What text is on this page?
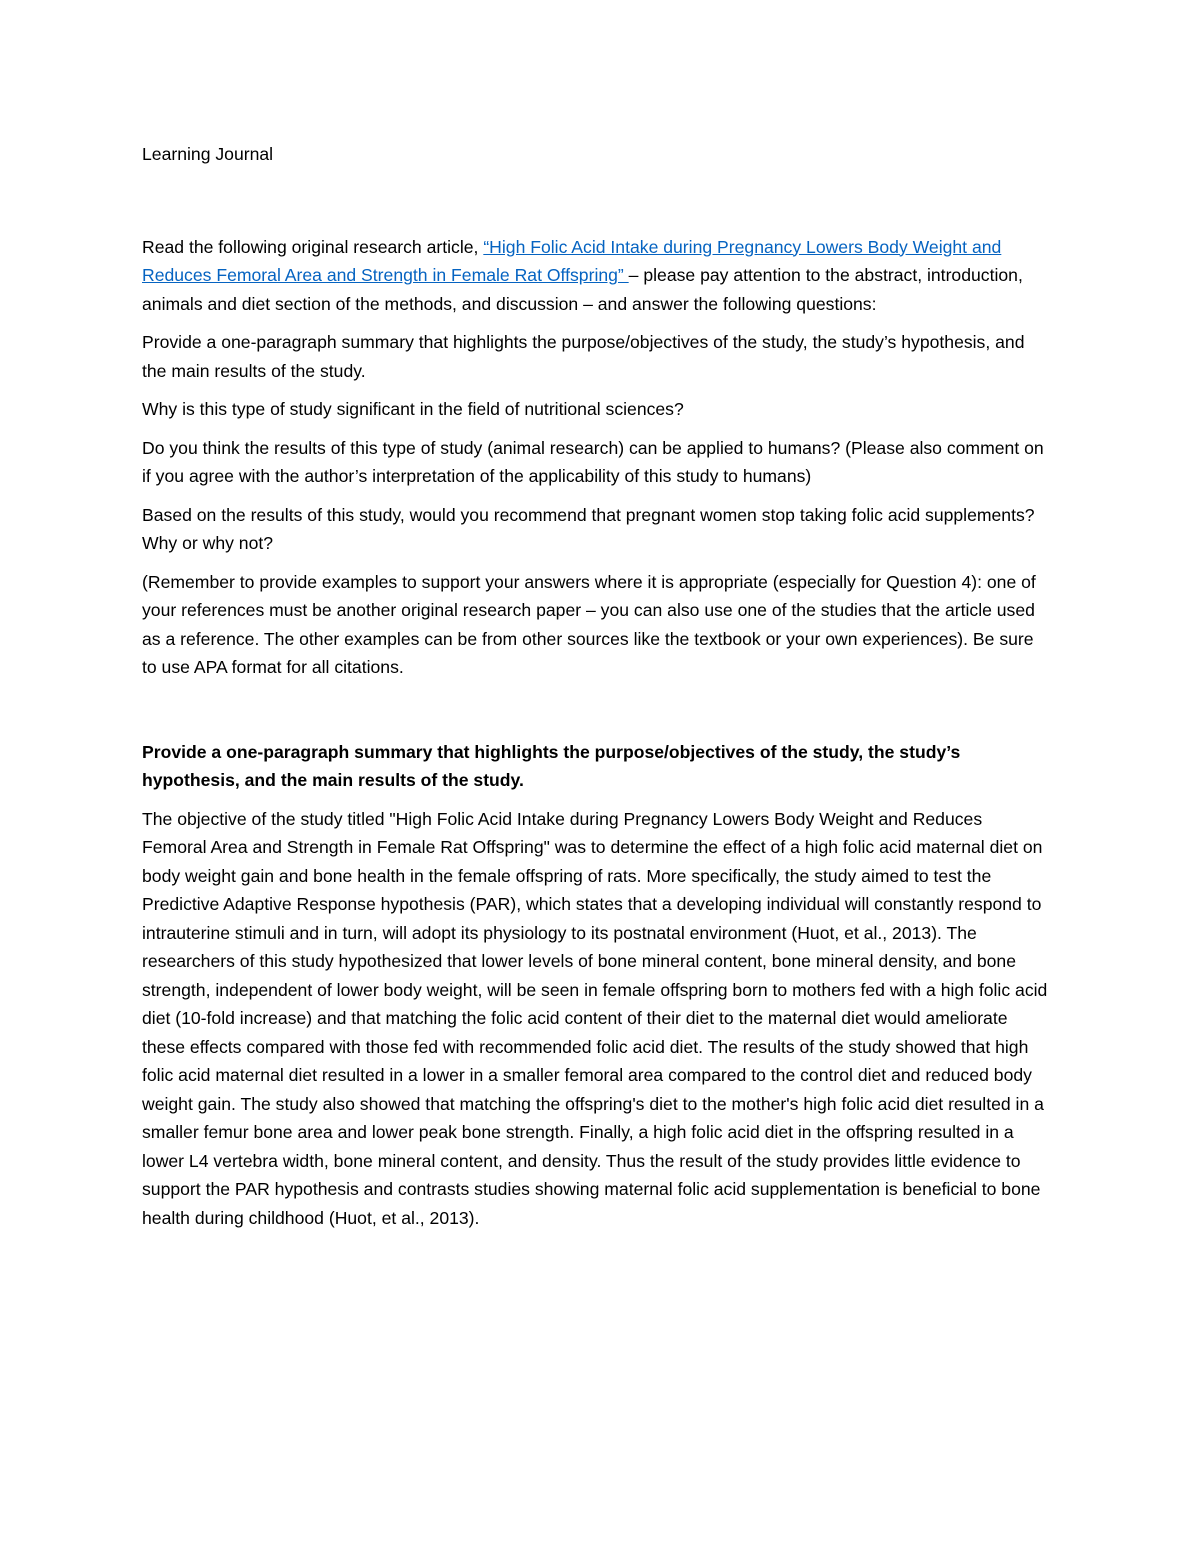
Learning Journal

Read the following original research article, “High Folic Acid Intake during Pregnancy Lowers Body Weight and Reduces Femoral Area and Strength in Female Rat Offspring” – please pay attention to the abstract, introduction, animals and diet section of the methods, and discussion – and answer the following questions:

Provide a one-paragraph summary that highlights the purpose/objectives of the study, the study’s hypothesis, and the main results of the study.

Why is this type of study significant in the field of nutritional sciences?

Do you think the results of this type of study (animal research) can be applied to humans? (Please also comment on if you agree with the author’s interpretation of the applicability of this study to humans)

Based on the results of this study, would you recommend that pregnant women stop taking folic acid supplements? Why or why not?

(Remember to provide examples to support your answers where it is appropriate (especially for Question 4): one of your references must be another original research paper – you can also use one of the studies that the article used as a reference. The other examples can be from other sources like the textbook or your own experiences). Be sure to use APA format for all citations.

Provide a one-paragraph summary that highlights the purpose/objectives of the study, the study’s hypothesis, and the main results of the study.

The objective of the study titled "High Folic Acid Intake during Pregnancy Lowers Body Weight and Reduces Femoral Area and Strength in Female Rat Offspring" was to determine the effect of a high folic acid maternal diet on body weight gain and bone health in the female offspring of rats. More specifically, the study aimed to test the Predictive Adaptive Response hypothesis (PAR), which states that a developing individual will constantly respond to intrauterine stimuli and in turn, will adopt its physiology to its postnatal environment (Huot, et al., 2013). The researchers of this study hypothesized that lower levels of bone mineral content, bone mineral density, and bone strength, independent of lower body weight, will be seen in female offspring born to mothers fed with a high folic acid diet (10-fold increase) and that matching the folic acid content of their diet to the maternal diet would ameliorate these effects compared with those fed with recommended folic acid diet. The results of the study showed that high folic acid maternal diet resulted in a lower in a smaller femoral area compared to the control diet and reduced body weight gain. The study also showed that matching the offspring's diet to the mother's high folic acid diet resulted in a smaller femur bone area and lower peak bone strength. Finally, a high folic acid diet in the offspring resulted in a lower L4 vertebra width, bone mineral content, and density. Thus the result of the study provides little evidence to support the PAR hypothesis and contrasts studies showing maternal folic acid supplementation is beneficial to bone health during childhood (Huot, et al., 2013).
